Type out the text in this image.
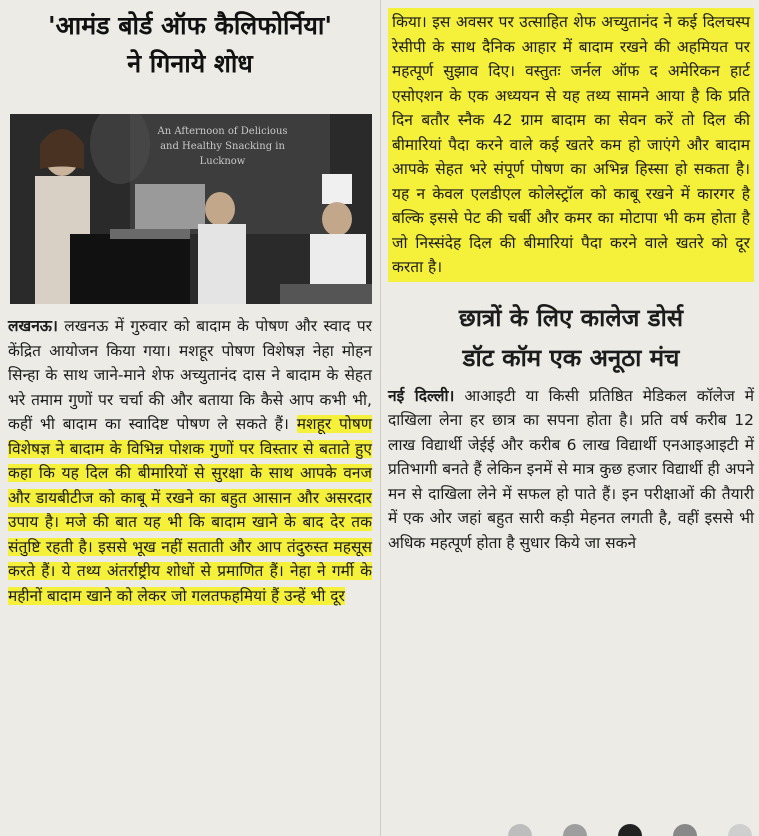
'आमंड बोर्ड ऑफ कैलिफोर्निया'
ने गिनाये शोध
An Afternoon of Delicious and Healthy Snacking in Lucknow

लखनऊ। लखनऊ में गुरुवार को बादाम के पोषण और स्वाद पर केंद्रित आयोजन किया गया। मशहूर पोषण विशेषज्ञ नेहा मोहन सिन्हा के साथ जाने-माने शेफ अच्युतानंद दास ने बादाम के सेहत भरे तमाम गुणों पर चर्चा की और बताया कि कैसे आप कभी भी, कहीं भी बादाम का स्वादिष्ट पोषण ले सकते हैं। मशहूर पोषण विशेषज्ञ ने बादाम के विभिन्न पोशक गुणों पर विस्तार से बताते हुए कहा कि यह दिल की बीमारियों से सुरक्षा के साथ आपके वनज और डायबीटीज को काबू में रखने का बहुत आसान और असरदार उपाय है। मजे की बात यह भी कि बादाम खाने के बाद देर तक संतुष्टि रहती है। इससे भूख नहीं सताती और आप तंदुरुस्त महसूस करते हैं। ये तथ्य अंतर्राष्ट्रीय शोधों से प्रमाणित हैं। नेहा ने गर्मी के महीनों बादाम खाने को लेकर जो गलतफहमियां हैं उन्हें भी दूर

किया। इस अवसर पर उत्साहित शेफ अच्युतानंद ने कई दिलचस्प रेसीपी के साथ दैनिक आहार में बादाम रखने की अहमियत पर महत्पूर्ण सुझाव दिए। वस्तुतः जर्नल ऑफ द अमेरिकन हार्ट एसोएशन के एक अध्ययन से यह तथ्य सामने आया है कि प्रति दिन बतौर स्नैक 42 ग्राम बादाम का सेवन करें तो दिल की बीमारियां पैदा करने वाले कई खतरे कम हो जाएंगे और बादाम आपके सेहत भरे संपूर्ण पोषण का अभिन्न हिस्सा हो सकता है। यह न केवल एलडीएल कोलेस्ट्रॉल को काबू रखने में कारगर है बल्कि इससे पेट की चर्बी और कमर का मोटापा भी कम होता है जो निस्संदेह दिल की बीमारियां पैदा करने वाले खतरे को दूर करता है।

छात्रों के लिए कालेज डोर्स
डॉट कॉम एक अनूठा मंच

नई दिल्ली। आआइटी या किसी प्रतिष्ठित मेडिकल कॉलेज में दाखिला लेना हर छात्र का सपना होता है। प्रति वर्ष करीब 12 लाख विद्यार्थी जेईई और करीब 6 लाख विद्यार्थी एनआइआइटी में प्रतिभागी बनते हैं लेकिन इनमें से मात्र कुछ हजार विद्यार्थी ही अपने मन से दाखिला लेने में सफल हो पाते हैं। इन परीक्षाओं की तैयारी में एक ओर जहां बहुत सारी कड़ी मेहनत लगती है, वहीं इससे भी अधिक महत्पूर्ण होता है सुधार किये जा सकने
